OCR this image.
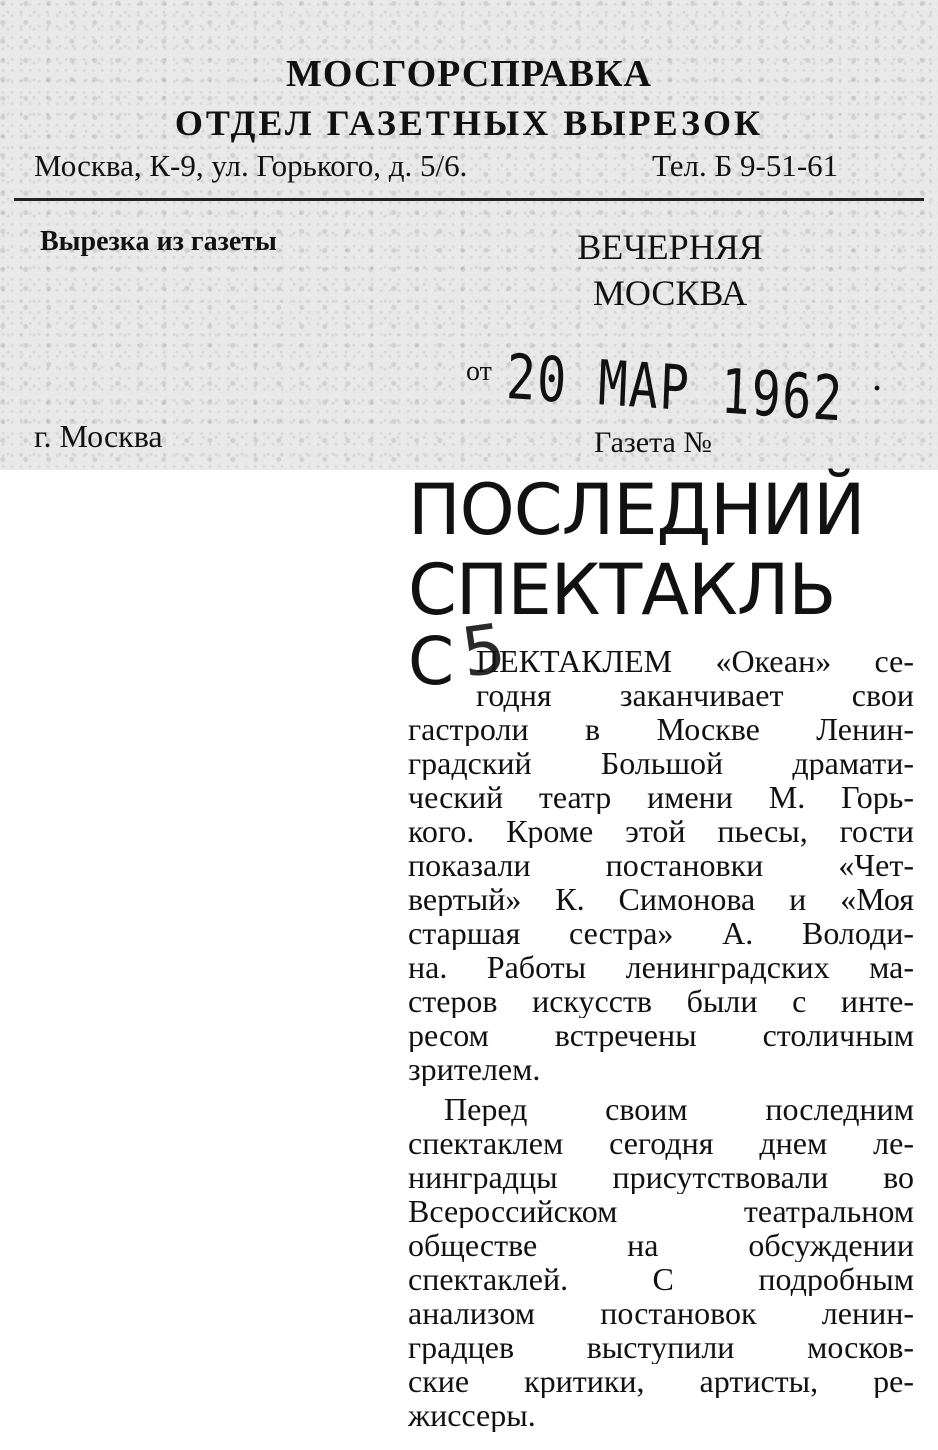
МОСГОРСПРАВКА
ОТДЕЛ ГАЗЕТНЫХ ВЫРЕЗОК
Москва, К-9, ул. Горького, д. 5/6.	Тел. Б 9-51-61
Вырезка из газеты	ВЕЧЕРНЯЯ МОСКВА
от 20 МАР 1962 ·
г. Москва	Газета №
ПОСЛЕДНИЙ СПЕКТАКЛЬ
С 5
ПЕКТАКЛЕМ «Океан» се-
годня заканчивает свои
гастроли в Москве Ленин-
градский Большой драмати-
ческий театр имени М. Горь-
кого. Кроме этой пьесы, гости
показали постановки «Чет-
вертый» К. Симонова и «Моя
старшая сестра» А. Володи-
на. Работы ленинградских ма-
стеров искусств были с инте-
ресом встречены столичным
зрителем.
Перед своим последним
спектаклем сегодня днем ле-
нинградцы присутствовали во
Всероссийском театральном
обществе на обсуждении
спектаклей. С подробным
анализом постановок ленин-
градцев выступили москов-
ские критики, артисты, ре-
жиссеры.
